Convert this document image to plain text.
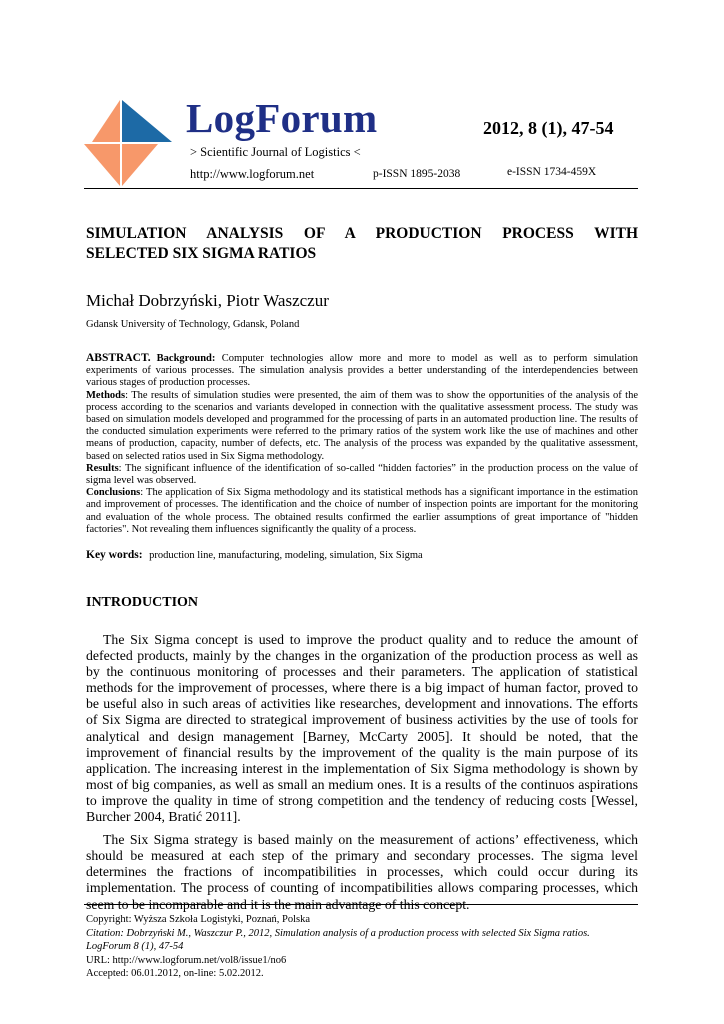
LogForum	2012, 8 (1), 47-54
> Scientific Journal of Logistics <
http://www.logforum.net	p-ISSN 1895-2038	e-ISSN 1734-459X
SIMULATION ANALYSIS OF A PRODUCTION PROCESS WITH
SELECTED SIX SIGMA RATIOS
Michał Dobrzyński, Piotr Waszczur
Gdansk University of Technology, Gdansk, Poland

ABSTRACT. Background: Computer technologies allow more and more to model as well as to perform simulation experiments of various processes. The simulation analysis provides a better understanding of the interdependencies between various stages of production processes.

Methods: The results of simulation studies were presented, the aim of them was to show the opportunities of the analysis of the process according to the scenarios and variants developed in connection with the qualitative assessment process. The study was based on simulation models developed and programmed for the processing of parts in an automated production line. The results of the conducted simulation experiments were referred to the primary ratios of the system work like the use of machines and other means of production, capacity, number of defects, etc. The analysis of the process was expanded by the qualitative assessment, based on selected ratios used in Six Sigma methodology.

Results: The significant influence of the identification of so-called “hidden factories” in the production process on the value of sigma level was observed.

Conclusions: The application of Six Sigma methodology and its statistical methods has a significant importance in the estimation and improvement of processes. The identification and the choice of number of inspection points are important for the monitoring and evaluation of the whole process. The obtained results confirmed the earlier assumptions of great importance of "hidden factories". Not revealing them influences significantly the quality of a process.

Key words: production line, manufacturing, modeling, simulation, Six Sigma
INTRODUCTION

The Six Sigma concept is used to improve the product quality and to reduce the amount of defected products, mainly by the changes in the organization of the production process as well as by the continuous monitoring of processes and their parameters. The application of statistical methods for the improvement of processes, where there is a big impact of human factor, proved to be useful also in such areas of activities like researches, development and innovations. The efforts of Six Sigma are directed to strategical improvement of business activities by the use of tools for analytical and design management [Barney, McCarty 2005]. It should be noted, that the improvement of financial results by the improvement of the quality is the main purpose of its application. The increasing interest in the implementation of Six Sigma methodology is shown by most of big companies, as well as small an medium ones. It is a results of the continuos aspirations to improve the quality in time of strong competition and the tendency of reducing costs [Wessel, Burcher 2004, Bratić 2011].

The Six Sigma strategy is based mainly on the measurement of actions’ effectiveness, which should be measured at each step of the primary and secondary processes. The sigma level determines the fractions of incompatibilities in processes, which could occur during its implementation. The process of counting of incompatibilities allows comparing processes, which seem to be incomparable and it is the main advantage of this concept.

Copyright: Wyższa Szkoła Logistyki, Poznań, Polska
Citation: Dobrzyński M., Waszczur P., 2012, Simulation analysis of a production process with selected Six Sigma ratios.
LogForum 8 (1), 47-54
URL: http://www.logforum.net/vol8/issue1/no6
Accepted: 06.01.2012, on-line: 5.02.2012.
